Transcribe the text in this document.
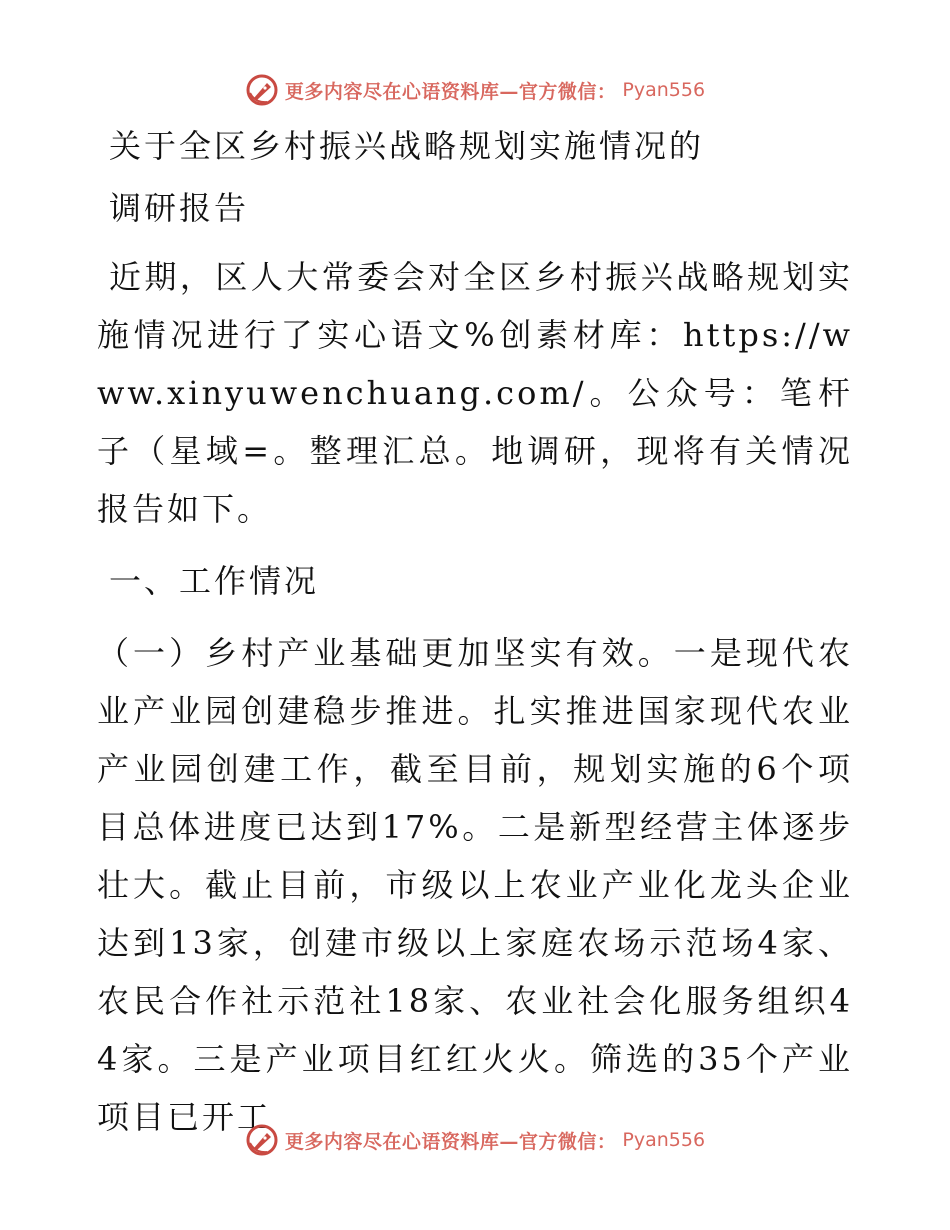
更多内容尽在心语资料库—官方微信： Pyan556
关于全区乡村振兴战略规划实施情况的
调研报告

近期，区人大常委会对全区乡村振兴战略规划实施情况进行了实心语文%创素材库：https://www.xinyuwenchuang.com/。公众号：笔杆子（星域=。整理汇总。地调研，现将有关情况报告如下。

一、工作情况

（一）乡村产业基础更加坚实有效。一是现代农业产业园创建稳步推进。扎实推进国家现代农业产业园创建工作，截至目前，规划实施的6个项目总体进度已达到17%。二是新型经营主体逐步壮大。截止目前，市级以上农业产业化龙头企业达到13家，创建市级以上家庭农场示范场4家、农民合作社示范社18家、农业社会化服务组织44家。三是产业项目红红火火。筛选的35个产业项目已开工

更多内容尽在心语资料库—官方微信： Pyan556
